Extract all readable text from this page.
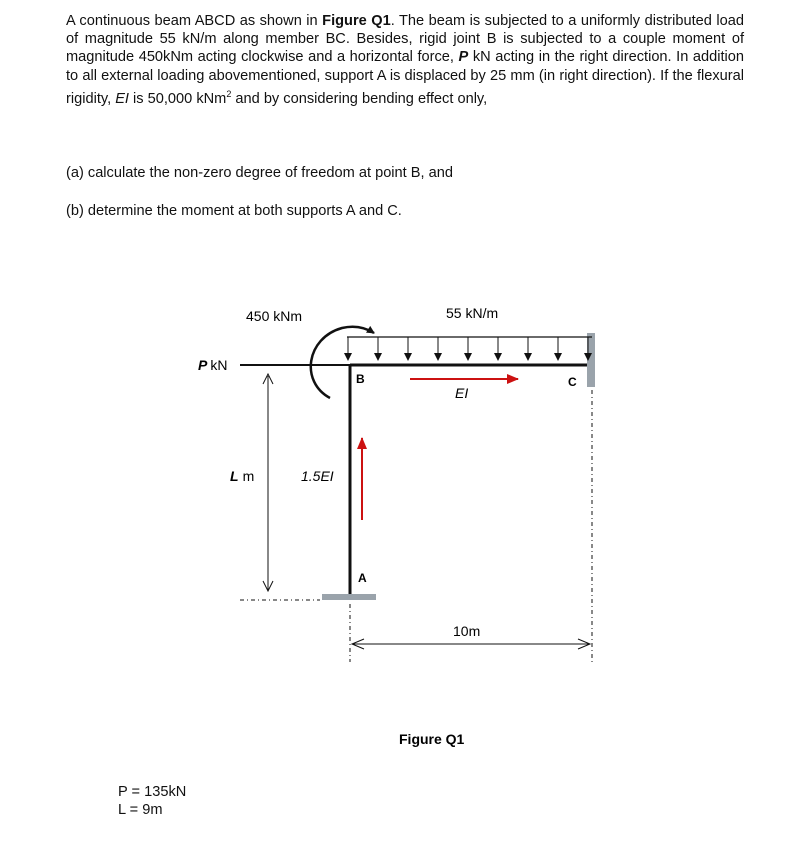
A continuous beam ABCD as shown in Figure Q1. The beam is subjected to a uniformly distributed load of magnitude 55 kN/m along member BC. Besides, rigid joint B is subjected to a couple moment of magnitude 450kNm acting clockwise and a horizontal force, P kN acting in the right direction. In addition to all external loading abovementioned, support A is displaced by 25 mm (in right direction). If the flexural rigidity, EI is 50,000 kNm$^2$ and by considering bending effect only,

(a) calculate the non-zero degree of freedom at point B, and

(b) determine the moment at both supports A and C.

450 kNm	55 kN/m
P kN
B	C
A
EI
1.5EI
L m
10m
Figure Q1
P = 135kN
L = 9m
